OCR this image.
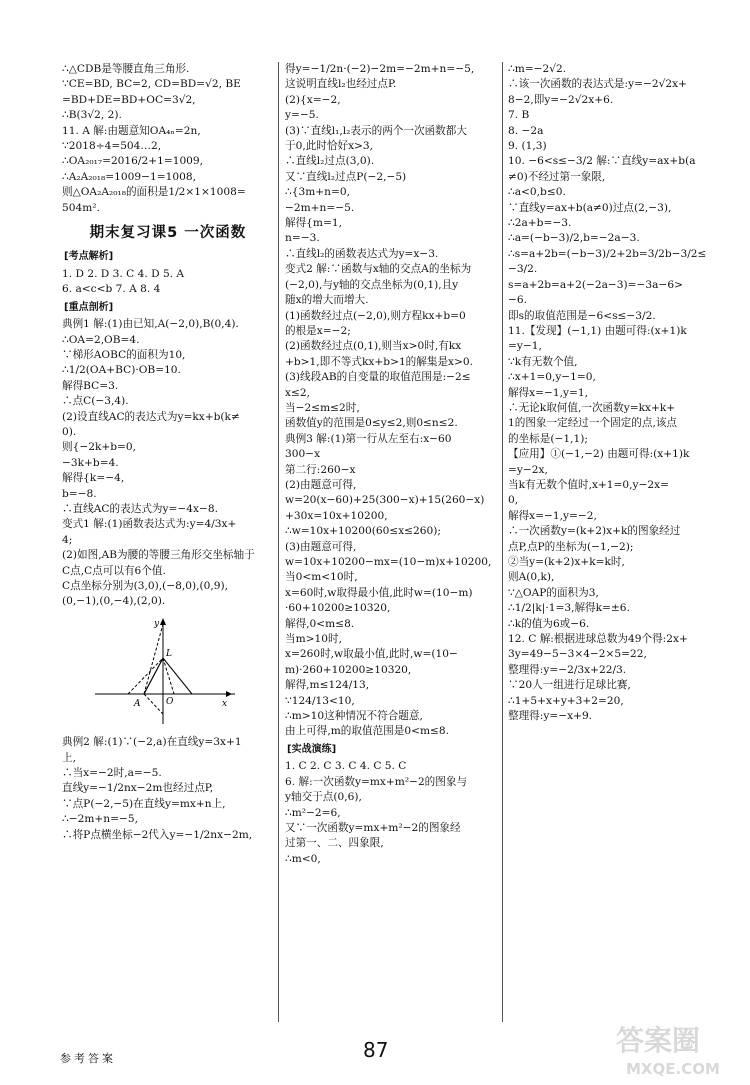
∴△CDB是等腰直角三角形.
∵CE=BD, BC=2, CD=BD=√2, BE
=BD+DE=BD+OC=3√2,
∴B(3√2, 2).
11. A 解:由题意知OA₄ₙ=2n,
∵2018÷4=504…2,
∴OA₂₀₁₇=2016/2+1=1009,
∴A₂A₂₀₁₈=1009−1=1008,
则△OA₂A₂₀₁₈的面积是1/2×1×1008=
504m².
期末复习课5 一次函数
[ 考点解析 ]
1. D 2. D 3. C 4. D 5. A
6. a<c<b 7. A 8. 4
[ 重点剖析 ]
典例1 解:(1)由已知,A(−2,0),B(0,4).
∴OA=2,OB=4.
∵梯形AOBC的面积为10,
∴1/2(OA+BC)·OB=10.
解得BC=3.
∴点C(−3,4).
(2)设直线AC的表达式为y=kx+b(k≠
0).
则{−2k+b=0,
−3k+b=4.
解得{k=−4,
b=−8.
∴直线AC的表达式为y=−4x−8.
变式1 解:(1)函数表达式为:y=4/3x+
4;
(2)如图,AB为腰的等腰三角形交坐标轴于
C点,C点可以有6个值.
C点坐标分别为(3,0),(−8,0),(0,9),
(0,−1),(0,−4),(2,0).
y
x
O
A
L
典例2 解:(1)∵(−2,a)在直线y=3x+1
上,
∴当x=−2时,a=−5.
直线y=−1/2nx−2m也经过点P,
∵点P(−2,−5)在直线y=mx+n上,
∴−2m+n=−5,
∴将P点横坐标−2代入y=−1/2nx−2m,
得y=−1/2n·(−2)−2m=−2m+n=−5,
这说明直线l₂也经过点P.
(2){x=−2,
y=−5.
(3)∵直线l₁,l₂表示的两个一次函数都大
于0,此时恰好x>3,
∴直线l₂过点(3,0).
又∵直线l₂过点P(−2,−5)
∴{3m+n=0,
−2m+n=−5.
解得{m=1,
n=−3.
∴直线l₂的函数表达式为y=x−3.
变式2 解:∵函数与x轴的交点A的坐标为
(−2,0),与y轴的交点坐标为(0,1),且y
随x的增大而增大.
(1)函数经过点(−2,0),则方程kx+b=0
的根是x=−2;
(2)函数经过点(0,1),则当x>0时,有kx
+b>1,即不等式kx+b>1的解集是x>0.
(3)线段AB的自变量的取值范围是:−2≤
x≤2,
当−2≤m≤2时,
函数值y的范围是0≤y≤2,则0≤n≤2.
典例3 解:(1)第一行从左至右:x−60
300−x
第二行:260−x
(2)由题意可得,
w=20(x−60)+25(300−x)+15(260−x)
+30x=10x+10200,
∴w=10x+10200(60≤x≤260);
(3)由题意可得,
w=10x+10200−mx=(10−m)x+10200,
当0<m<10时,
x=60时,w取得最小值,此时w=(10−m)
·60+10200≥10320,
解得,0<m≤8.
当m>10时,
x=260时,w取最小值,此时,w=(10−
m)·260+10200≥10320,
解得,m≤124/13,
∵124/13<10,
∴m>10这种情况不符合题意,
由上可得,m的取值范围是0<m≤8.
[ 实战演练 ]
1. C 2. C 3. C 4. C 5. C
6. 解:一次函数y=mx+m²−2的图象与
y轴交于点(0,6),
∴m²−2=6,
又∵一次函数y=mx+m²−2的图象经
过第一、二、四象限,
∴m<0,
∴m=−2√2.
∴该一次函数的表达式是:y=−2√2x+
8−2,即y=−2√2x+6.
7. B
8. −2a
9. (1,3)
10. −6<s≤−3/2 解:∵直线y=ax+b(a
≠0)不经过第一象限,
∴a<0,b≤0.
∵直线y=ax+b(a≠0)过点(2,−3),
∴2a+b=−3.
∴a=(−b−3)/2,b=−2a−3.
∴s=a+2b=(−b−3)/2+2b=3/2b−3/2≤
−3/2.
s=a+2b=a+2(−2a−3)=−3a−6>
−6.
即s的取值范围是−6<s≤−3/2.
11.【发现】(−1,1) 由题可得:(x+1)k
=y−1,
∵k有无数个值,
∴x+1=0,y−1=0,
解得x=−1,y=1,
∴无论k取何值,一次函数y=kx+k+
1的图象一定经过一个固定的点,该点
的坐标是(−1,1);
【应用】①(−1,−2) 由题可得:(x+1)k
=y−2x,
当k有无数个值时,x+1=0,y−2x=
0,
解得x=−1,y=−2,
∴一次函数y=(k+2)x+k的图象经过
点P,点P的坐标为(−1,−2);
②当y=(k+2)x+k=k时,
则A(0,k),
∵△OAP的面积为3,
∴1/2|k|·1=3,解得k=±6.
∴k的值为6或−6.
12. C 解:根据进球总数为49个得:2x+
3y=49−5−3×4−2×5=22,
整理得:y=−2/3x+22/3.
∵20人一组进行足球比赛,
∴1+5+x+y+3+2=20,
整理得:y=−x+9.
参考答案	87	答案圈
MXQE.COM
